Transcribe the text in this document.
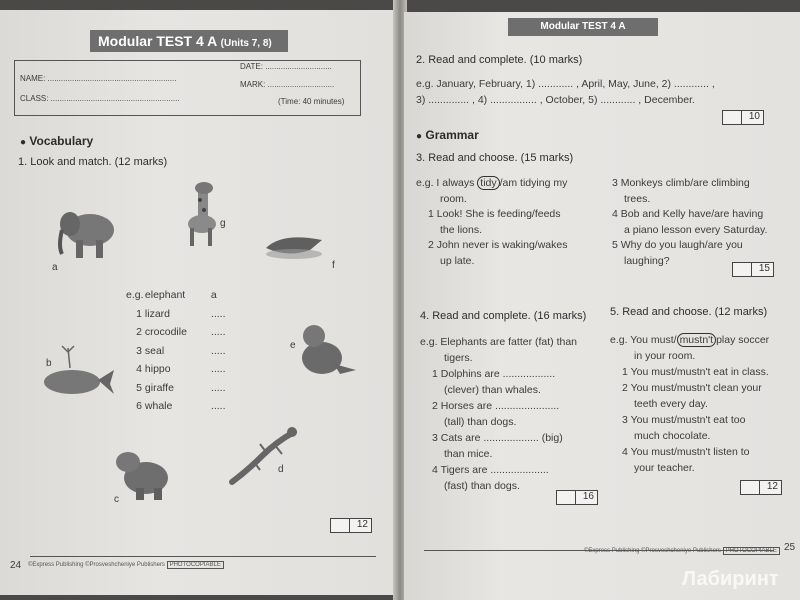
Modular TEST 4 A (Units 7, 8)
NAME: ..........................................................
CLASS: ..........................................................
DATE: ..............................
MARK: ..............................
(Time: 40 minutes)
● Vocabulary
1. Look and match. (12 marks)
a
g
f
b
e
c
d
e.g. elephant a
1 lizard	.....
2 crocodile .....
3 seal	.....
4 hippo	.....
5 giraffe	.....
6 whale	.....
12
24 ©Express Publishing ©Prosveshcheniye Publishers PHOTOCOPIABLE
Modular TEST 4 A
2. Read and complete. (10 marks)
e.g. January, February, 1) ............ , April, May, June, 2) ............ ,
3) .............. , 4) ................ , October, 5) ............ , December.
10
● Grammar
3. Read and choose. (15 marks)
e.g. I always tidy /am tidying my
room.
1 Look! She is feeding/feeds
the lions.
2 John never is waking/wakes
up late.
3 Monkeys climb/are climbing
trees.
4 Bob and Kelly have/are having
a piano lesson every Saturday.
5 Why do you laugh/are you
laughing?
15
4. Read and complete. (16 marks)
e.g. Elephants are fatter (fat) than
tigers.
1 Dolphins are ..................
(clever) than whales.
2 Horses are ......................
(tall) than dogs.
3 Cats are ................... (big)
than mice.
4 Tigers are ....................
(fast) than dogs.
16
5. Read and choose. (12 marks)
e.g. You must/ mustn't play soccer
in your room.
1 You must/mustn't eat in class.
2 You must/mustn't clean your
teeth every day.
3 You must/mustn't eat too
much chocolate.
4 You must/mustn't listen to
your teacher.
12
©Express Publishing ©Prosveshcheniye Publishers PHOTOCOPIABLE 25
Лабиринт
